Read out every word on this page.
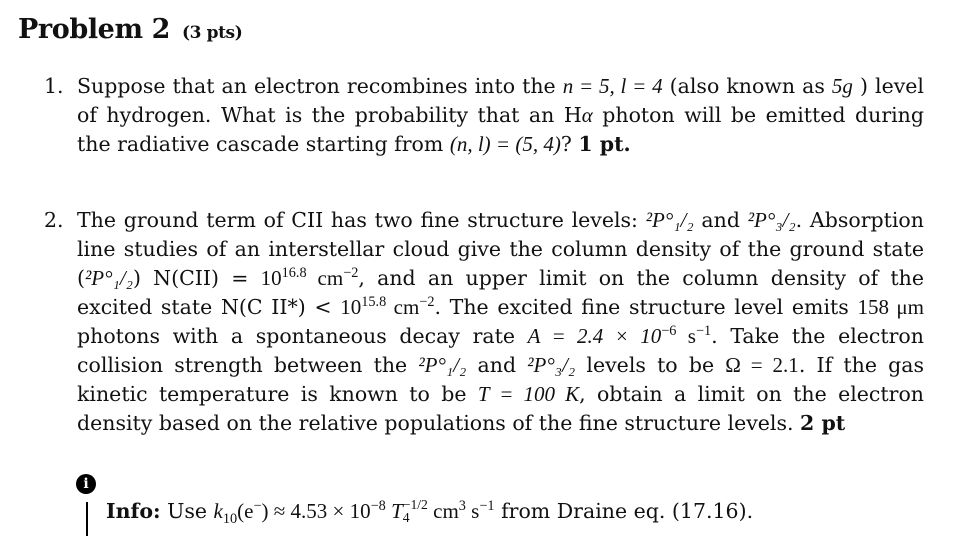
Problem 2 (3 pts)
1. Suppose that an electron recombines into the n = 5, l = 4 (also known as 5g ) level of hydrogen. What is the probability that an Hα photon will be emitted during the radiative cascade starting from (n, l) = (5, 4)? 1 pt.
2. The ground term of CII has two fine structure levels: ²P°₁/₂ and ²P°₃/₂. Absorption line studies of an interstellar cloud give the column density of the ground state (²P°₁/₂) $N(CII) = 10^{16.8}$ $cm^{-2}$, and an upper limit on the column density of the excited state N(C $II*) < 10^{15.8}$ $cm^{-2}$. The excited fine structure level emits 158 μm photons with a spontaneous decay rate $A = 2.4 \times 10^{-6}$ $s^{-1}$. Take the electron collision strength between the ²P°₁/₂ and ²P°₃/₂ levels to be Ω = 2.1. If the gas kinetic temperature is known to be T = 100 K, obtain a limit on the electron density based on the relative populations of the fine structure levels. 2 pt
i
Info: Use $k_{10}(e^-) \approx 4.53 \times 10^{-8}$ T −1/2
4 $cm^3$ $s^{-1}$ from Draine eq. (17.16).
